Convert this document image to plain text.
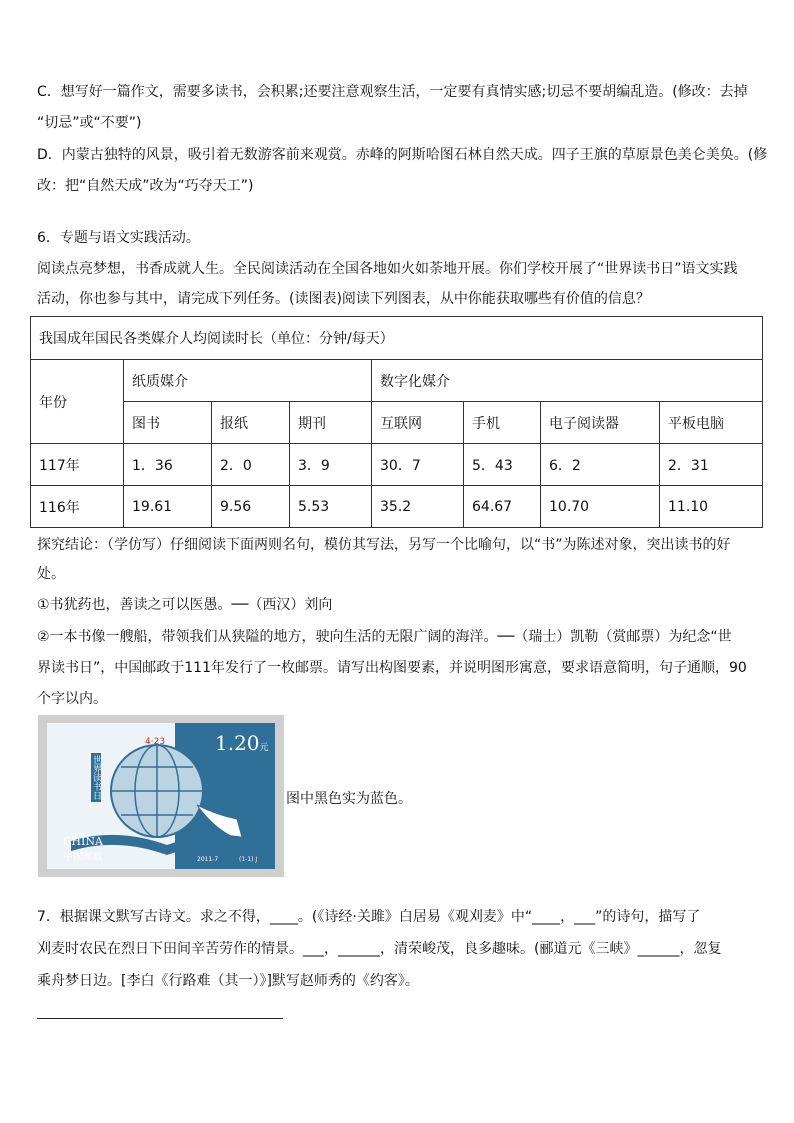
C．想写好一篇作文，需要多读书，会积累;还要注意观察生活，一定要有真情实感;切忌不要胡编乱造。(修改：去掉
“切忌”或“不要”)
D．内蒙古独特的风景，吸引着无数游客前来观赏。赤峰的阿斯哈图石林自然天成。四子王旗的草原景色美仑美奂。(修
改：把“自然天成”改为“巧夺天工”)
6．专题与语文实践活动。
阅读点亮梦想，书香成就人生。全民阅读活动在全国各地如火如荼地开展。你们学校开展了“世界读书日”语文实践
活动，你也参与其中，请完成下列任务。(读图表)阅读下列图表，从中你能获取哪些有价值的信息？
我国成年国民各类媒介人均阅读时长（单位：分钟/每天）							
年份	纸质媒介			数字化媒介			
	图书	报纸	期刊	互联网	手机	电子阅读器	平板电脑
117年	1．36	2．0	3．9	30．7	5．43	6．2	2．31
116年	19.61	9.56	5.53	35.2	64.67	10.70	11.10
探究结论：（学仿写）仔细阅读下面两则名句，模仿其写法，另写一个比喻句，以“书”为陈述对象，突出读书的好
处。
①书犹药也，善读之可以医愚。──（西汉）刘向
②一本书像一艘船，带领我们从狭隘的地方，驶向生活的无限广阔的海洋。──（瑞士）凯勒（赏邮票）为纪念“世
界读书日”，中国邮政于111年发行了一枚邮票。请写出构图要素，并说明图形寓意，要求语意简明，句子通顺，90
个字以内。
1.20元
4·23
世界读书日
CHINA
中国邮政	2011-7	(1-1) J
图中黑色实为蓝色。
7．根据课文默写古诗文。求之不得，____。(《诗经·关雎》白居易《观刈麦》中“____，___”的诗句，描写了
刈麦时农民在烈日下田间辛苦劳作的情景。___，______，清荣峻茂，良多趣味。(郦道元《三峡》______，忽复
乘舟梦日边。[李白《行路难（其一）》]默写赵师秀的《约客》。
